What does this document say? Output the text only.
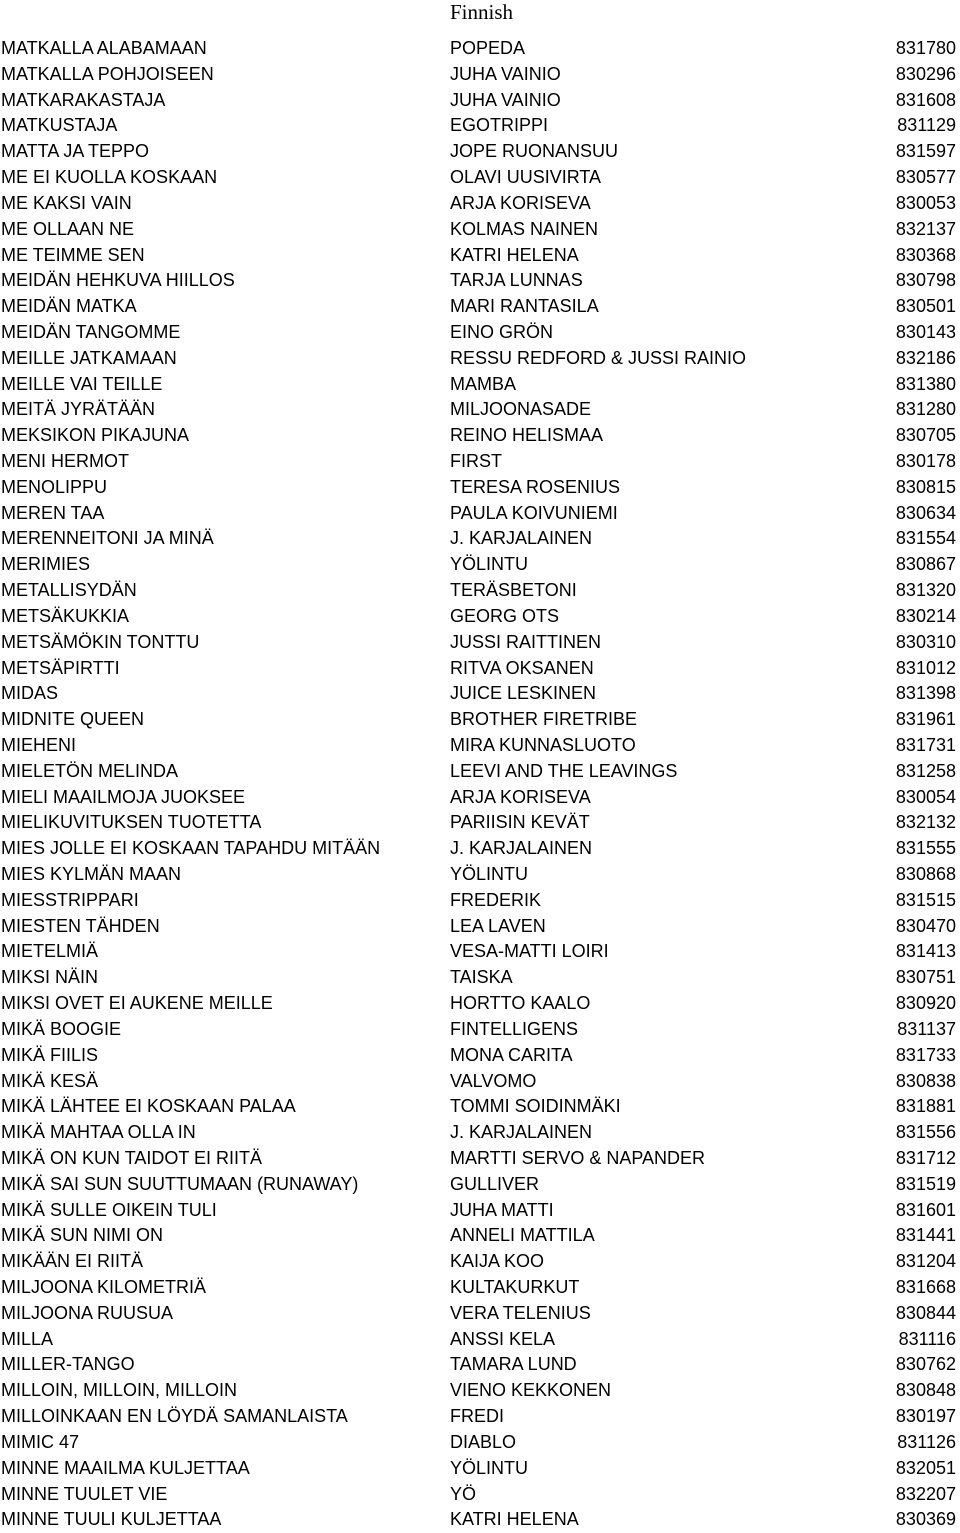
Finnish
MATKALLA ALABAMAAN	POPEDA	831780
MATKALLA POHJOISEEN	JUHA VAINIO	830296
MATKARAKASTAJA	JUHA VAINIO	831608
MATKUSTAJA	EGOTRIPPI	831129
MATTA JA TEPPO	JOPE RUONANSUU	831597
ME EI KUOLLA KOSKAAN	OLAVI UUSIVIRTA	830577
ME KAKSI VAIN	ARJA KORISEVA	830053
ME OLLAAN NE	KOLMAS NAINEN	832137
ME TEIMME SEN	KATRI HELENA	830368
MEIDÄN HEHKUVA HIILLOS	TARJA LUNNAS	830798
MEIDÄN MATKA	MARI RANTASILA	830501
MEIDÄN TANGOMME	EINO GRÖN	830143
MEILLE JATKAMAAN	RESSU REDFORD & JUSSI RAINIO	832186
MEILLE VAI TEILLE	MAMBA	831380
MEITÄ JYRÄTÄÄN	MILJOONASADE	831280
MEKSIKON PIKAJUNA	REINO HELISMAA	830705
MENI HERMOT	FIRST	830178
MENOLIPPU	TERESA ROSENIUS	830815
MEREN TAA	PAULA KOIVUNIEMI	830634
MERENNEITONI JA MINÄ	J. KARJALAINEN	831554
MERIMIES	YÖLINTU	830867
METALLISYDÄN	TERÄSBETONI	831320
METSÄKUKKIA	GEORG OTS	830214
METSÄMÖKIN TONTTU	JUSSI RAITTINEN	830310
METSÄPIRTTI	RITVA OKSANEN	831012
MIDAS	JUICE LESKINEN	831398
MIDNITE QUEEN	BROTHER FIRETRIBE	831961
MIEHENI	MIRA KUNNASLUOTO	831731
MIELETÖN MELINDA	LEEVI AND THE LEAVINGS	831258
MIELI MAAILMOJA JUOKSEE	ARJA KORISEVA	830054
MIELIKUVITUKSEN TUOTETTA	PARIISIN KEVÄT	832132
MIES JOLLE EI KOSKAAN TAPAHDU MITÄÄN	J. KARJALAINEN	831555
MIES KYLMÄN MAAN	YÖLINTU	830868
MIESSTRIPPARI	FREDERIK	831515
MIESTEN TÄHDEN	LEA LAVEN	830470
MIETELMIÄ	VESA-MATTI LOIRI	831413
MIKSI NÄIN	TAISKA	830751
MIKSI OVET EI AUKENE MEILLE	HORTTO KAALO	830920
MIKÄ BOOGIE	FINTELLIGENS	831137
MIKÄ FIILIS	MONA CARITA	831733
MIKÄ KESÄ	VALVOMO	830838
MIKÄ LÄHTEE EI KOSKAAN PALAA	TOMMI SOIDINMÄKI	831881
MIKÄ MAHTAA OLLA IN	J. KARJALAINEN	831556
MIKÄ ON KUN TAIDOT EI RIITÄ	MARTTI SERVO & NAPANDER	831712
MIKÄ SAI SUN SUUTTUMAAN (RUNAWAY)	GULLIVER	831519
MIKÄ SULLE OIKEIN TULI	JUHA MATTI	831601
MIKÄ SUN NIMI ON	ANNELI MATTILA	831441
MIKÄÄN EI RIITÄ	KAIJA KOO	831204
MILJOONA KILOMETRIÄ	KULTAKURKUT	831668
MILJOONA RUUSUA	VERA TELENIUS	830844
MILLA	ANSSI KELA	831116
MILLER-TANGO	TAMARA LUND	830762
MILLOIN, MILLOIN, MILLOIN	VIENO KEKKONEN	830848
MILLOINKAAN EN LÖYDÄ SAMANLAISTA	FREDI	830197
MIMIC 47	DIABLO	831126
MINNE MAAILMA KULJETTAA	YÖLINTU	832051
MINNE TUULET VIE	YÖ	832207
MINNE TUULI KULJETTAA	KATRI HELENA	830369
